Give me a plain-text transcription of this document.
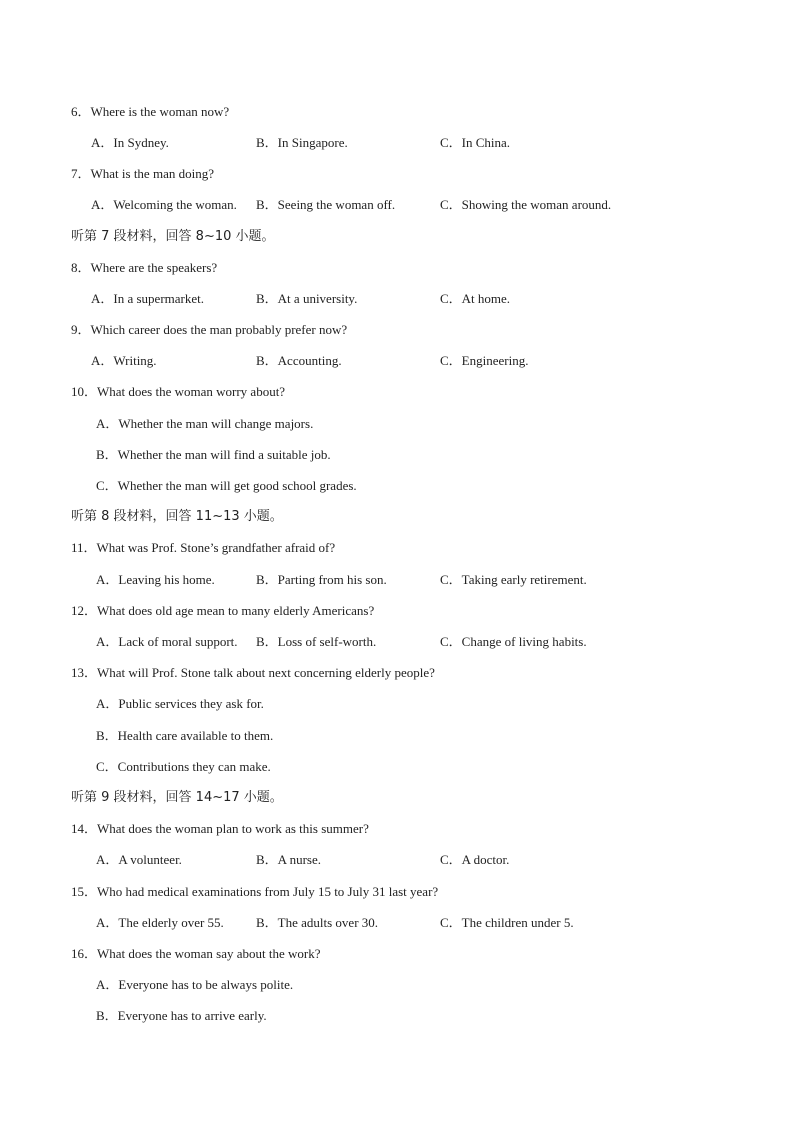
6．Where is the woman now?
A．In Sydney.	B．In Singapore.	C．In China.
7．What is the man doing?
A．Welcoming the woman. B．Seeing the woman off.	C．Showing the woman around.
听第 7 段材料，回答 8~10 小题。
8．Where are the speakers?
A．In a supermarket.	B．At a university.	C．At home.
9．Which career does the man probably prefer now?
A．Writing.	B．Accounting.	C．Engineering.
10．What does the woman worry about?
A．Whether the man will change majors.
B．Whether the man will find a suitable job.
C．Whether the man will get good school grades.
听第 8 段材料，回答 11~13 小题。
11．What was Prof. Stone’s grandfather afraid of?
A．Leaving his home.	B．Parting from his son.	C．Taking early retirement.
12．What does old age mean to many elderly Americans?
A．Lack of moral support. B．Loss of self-worth.	C．Change of living habits.
13．What will Prof. Stone talk about next concerning elderly people?
A．Public services they ask for.
B．Health care available to them.
C．Contributions they can make.
听第 9 段材料，回答 14~17 小题。
14．What does the woman plan to work as this summer?
A．A volunteer.	B．A nurse.	C．A doctor.
15．Who had medical examinations from July 15 to July 31 last year?
A．The elderly over 55. B．The adults over 30.	C．The children under 5.
16．What does the woman say about the work?
A．Everyone has to be always polite.
B．Everyone has to arrive early.
